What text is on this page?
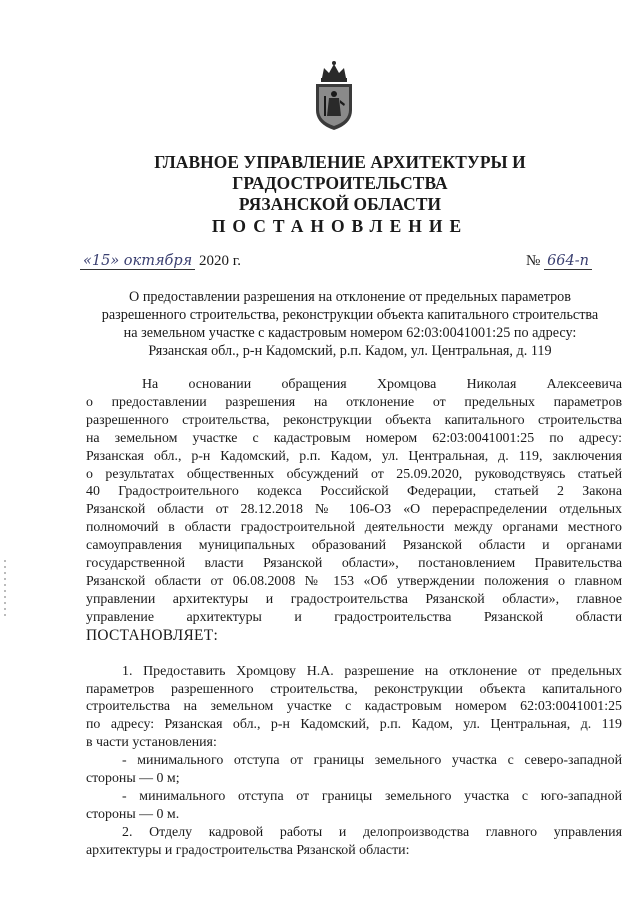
ГЛАВНОЕ УПРАВЛЕНИЕ АРХИТЕКТУРЫ И ГРАДОСТРОИТЕЛЬСТВА
РЯЗАНСКОЙ ОБЛАСТИ
ПОСТАНОВЛЕНИЕ
«15» октября 2020 г.	№ 664-п
О предоставлении разрешения на отклонение от предельных параметров
разрешенного строительства, реконструкции объекта капитального строительства
на земельном участке с кадастровым номером 62:03:0041001:25 по адресу:
Рязанская обл., р-н Кадомский, р.п. Кадом, ул. Центральная, д. 119
На основании обращения Хромцова Николая Алексеевича
о предоставлении разрешения на отклонение от предельных параметров
разрешенного строительства, реконструкции объекта капитального строительства
на земельном участке с кадастровым номером 62:03:0041001:25 по адресу:
Рязанская обл., р-н Кадомский, р.п. Кадом, ул. Центральная, д. 119, заключения
о результатах общественных обсуждений от 25.09.2020, руководствуясь статьей
40 Градостроительного кодекса Российской Федерации, статьей 2 Закона
Рязанской области от 28.12.2018 № 106-ОЗ «О перераспределении отдельных
полномочий в области градостроительной деятельности между органами местного
самоуправления муниципальных образований Рязанской области и органами
государственной власти Рязанской области», постановлением Правительства
Рязанской области от 06.08.2008 № 153 «Об утверждении положения о главном
управлении архитектуры и градостроительства Рязанской области», главное
управление архитектуры и градостроительства Рязанской области
ПОСТАНОВЛЯЕТ:
1. Предоставить Хромцову Н.А. разрешение на отклонение от предельных
параметров разрешенного строительства, реконструкции объекта капитального
строительства на земельном участке с кадастровым номером 62:03:0041001:25
по адресу: Рязанская обл., р-н Кадомский, р.п. Кадом, ул. Центральная, д. 119
в части установления:
- минимального отступа от границы земельного участка с северо-западной
стороны — 0 м;
- минимального отступа от границы земельного участка с юго-западной
стороны — 0 м.
2. Отделу кадровой работы и делопроизводства главного управления
архитектуры и градостроительства Рязанской области:
